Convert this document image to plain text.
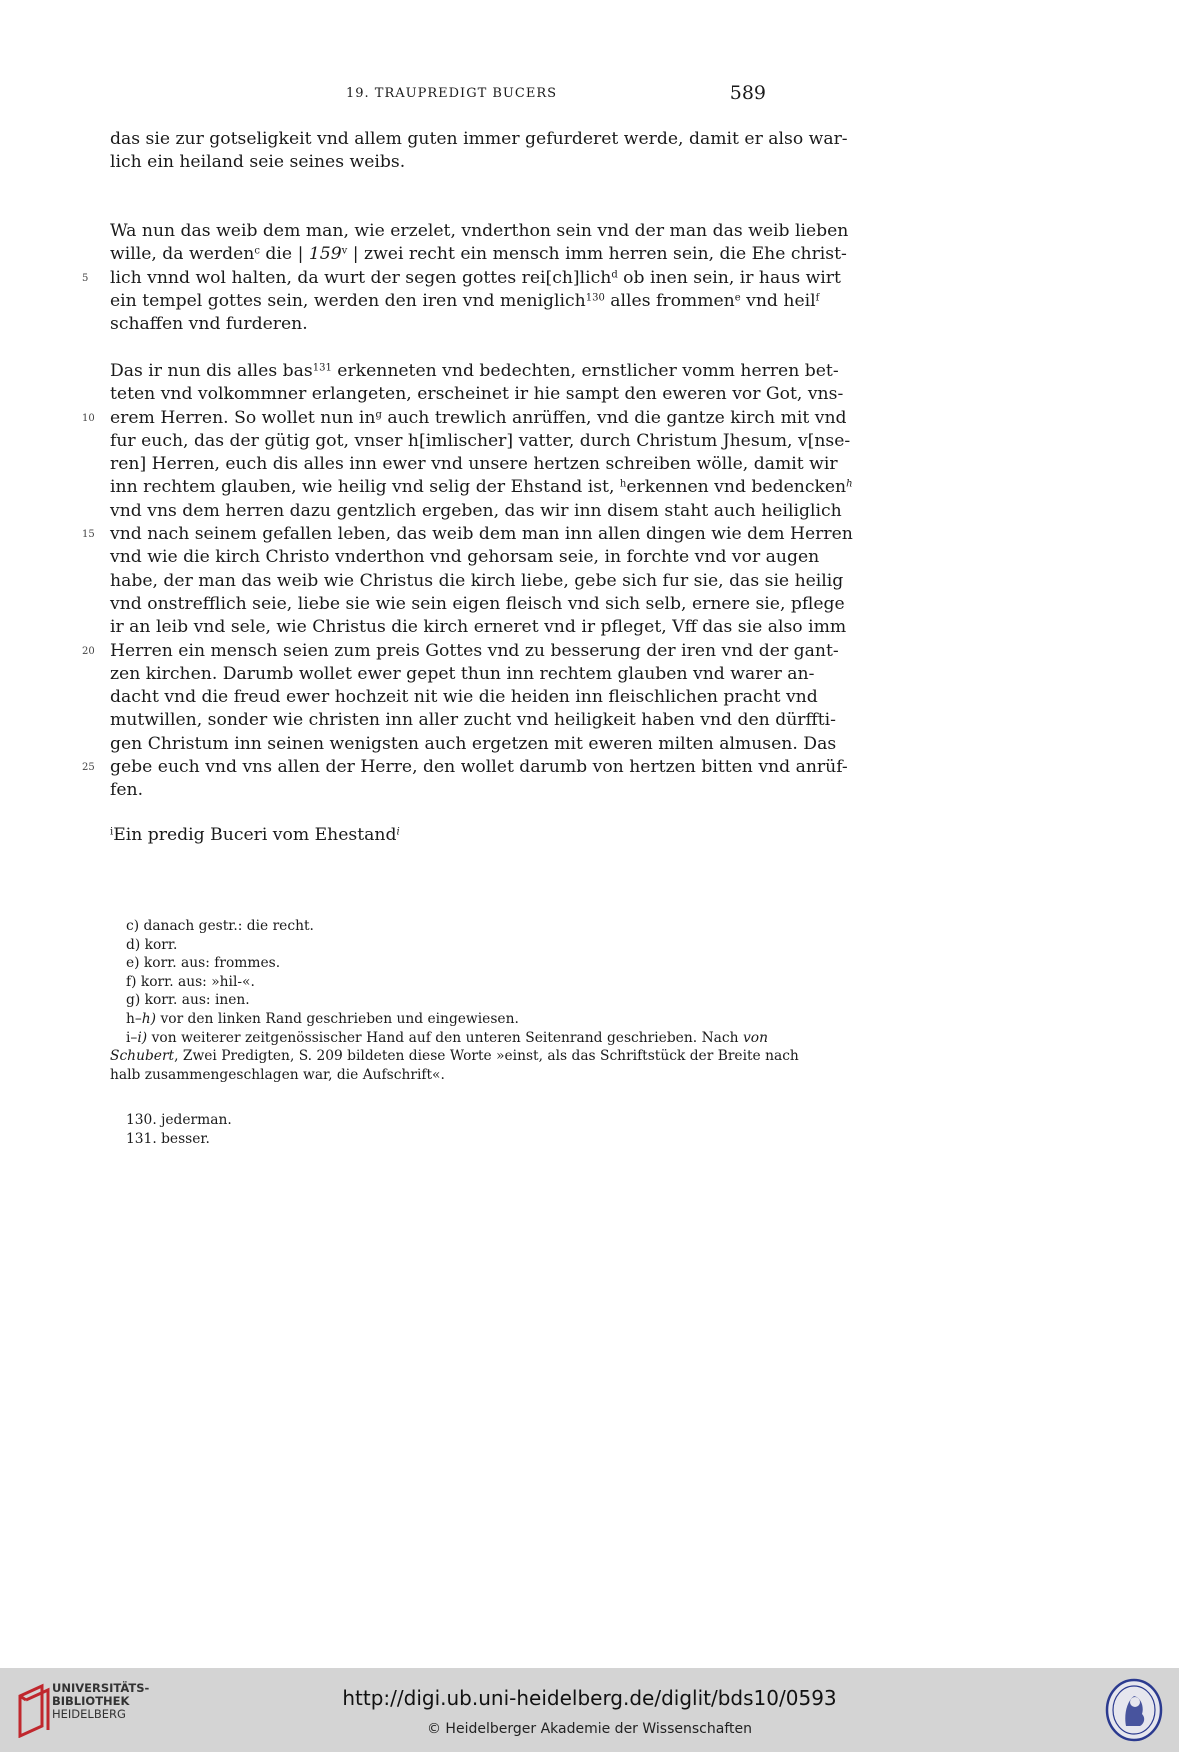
19. TRAUPREDIGT BUCERS	589
das sie zur gotseligkeit vnd allem guten immer gefurderet werde, damit er also war-
lich ein heiland seie seines weibs.
Wa nun das weib dem man, wie erzelet, vnderthon sein vnd der man das weib lieben
wille, da werden$^c$ die | 159$^v$ | zwei recht ein mensch imm herren sein, die Ehe christ-
5 lich vnnd wol halten, da wurt der segen gottes rei[ch]lich$^d$ ob inen sein, ir haus wirt
ein tempel gottes sein, werden den iren vnd meniglich$^{130}$ alles frommen$^e$ vnd heil$^f$
schaffen vnd furderen.
Das ir nun dis alles bas$^{131}$ erkenneten vnd bedechten, ernstlicher vomm herren bet-
teten vnd volkommner erlangeten, erscheinet ir hie sampt den eweren vor Got, vns-
10 erem Herren. So wollet nun $in^g$ auch trewlich anrüffen, vnd die gantze kirch mit vnd
fur euch, das der gütig got, vnser h[imlischer] vatter, durch Christum Jhesum, v[nse-
ren] Herren, euch dis alles inn ewer vnd unsere hertzen schreiben wölle, damit wir
inn rechtem glauben, wie heilig vnd selig der Ehstand ist, $^h$erkennen vnd bedencken$^h$
vnd vns dem herren dazu gentzlich ergeben, das wir inn disem staht auch heiliglich
15 vnd nach seinem gefallen leben, das weib dem man inn allen dingen wie dem Herren
vnd wie die kirch Christo vnderthon vnd gehorsam seie, in forchte vnd vor augen
habe, der man das weib wie Christus die kirch liebe, gebe sich fur sie, das sie heilig
vnd onstrefflich seie, liebe sie wie sein eigen fleisch vnd sich selb, ernere sie, pflege
ir an leib vnd sele, wie Christus die kirch erneret vnd ir pfleget, Vff das sie also imm
20 Herren ein mensch seien zum preis Gottes vnd zu besserung der iren vnd der gant-
zen kirchen. Darumb wollet ewer gepet thun inn rechtem glauben vnd warer an-
dacht vnd die freud ewer hochzeit nit wie die heiden inn fleischlichen pracht vnd
mutwillen, sonder wie christen inn aller zucht vnd heiligkeit haben vnd den dürffti-
gen Christum inn seinen wenigsten auch ergetzen mit eweren milten almusen. Das
25 gebe euch vnd vns allen der Herre, den wollet darumb von hertzen bitten vnd anrüf-
fen.
$^i$Ein predig Buceri vom Ehestand$^i$
c) danach gestr.: die recht.
d) korr.
e) korr. aus: frommes.
f) korr. aus: »hil-«.
g) korr. aus: inen.
h–h) vor den linken Rand geschrieben und eingewiesen.
i–i) von weiterer zeitgenössischer Hand auf den unteren Seitenrand geschrieben. Nach von
Schubert, Zwei Predigten, S. 209 bildeten diese Worte »einst, als das Schriftstück der Breite nach
halb zusammengeschlagen war, die Aufschrift«.
130. jederman.
131. besser.
UNIVERSITÄTS-
BIBLIOTHEK
HEIDELBERG
http://digi.ub.uni-heidelberg.de/diglit/bds10/0593
© Heidelberger Akademie der Wissenschaften
